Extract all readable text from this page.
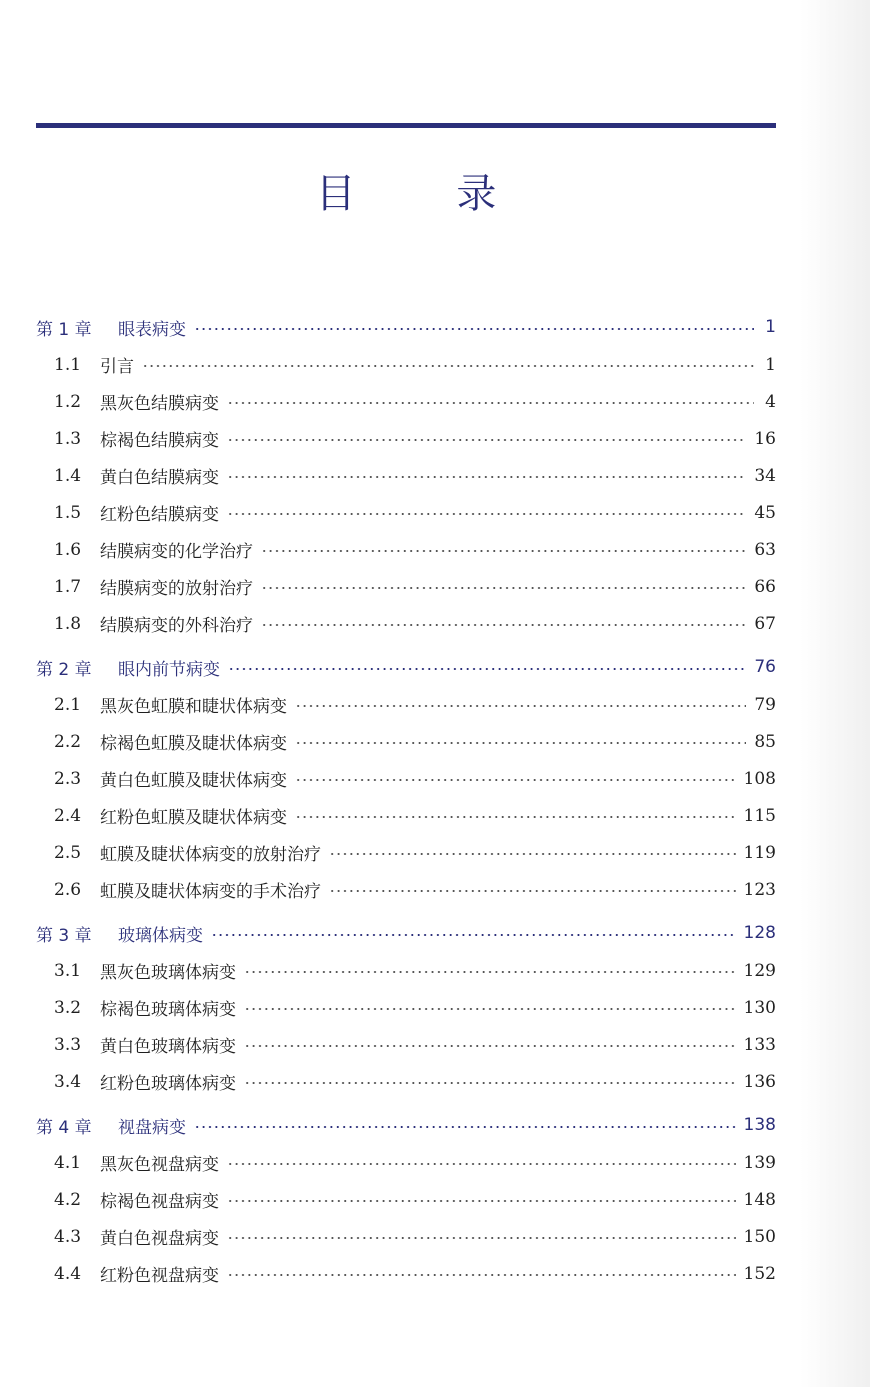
目 录
第 1 章	眼表病变	1
1.1	引言	1
1.2	黑灰色结膜病变	4
1.3	棕褐色结膜病变	16
1.4	黄白色结膜病变	34
1.5	红粉色结膜病变	45
1.6	结膜病变的化学治疗	63
1.7	结膜病变的放射治疗	66
1.8	结膜病变的外科治疗	67
第 2 章	眼内前节病变	76
2.1	黑灰色虹膜和睫状体病变	79
2.2	棕褐色虹膜及睫状体病变	85
2.3	黄白色虹膜及睫状体病变	108
2.4	红粉色虹膜及睫状体病变	115
2.5	虹膜及睫状体病变的放射治疗	119
2.6	虹膜及睫状体病变的手术治疗	123
第 3 章	玻璃体病变	128
3.1	黑灰色玻璃体病变	129
3.2	棕褐色玻璃体病变	130
3.3	黄白色玻璃体病变	133
3.4	红粉色玻璃体病变	136
第 4 章	视盘病变	138
4.1	黑灰色视盘病变	139
4.2	棕褐色视盘病变	148
4.3	黄白色视盘病变	150
4.4	红粉色视盘病变	152
